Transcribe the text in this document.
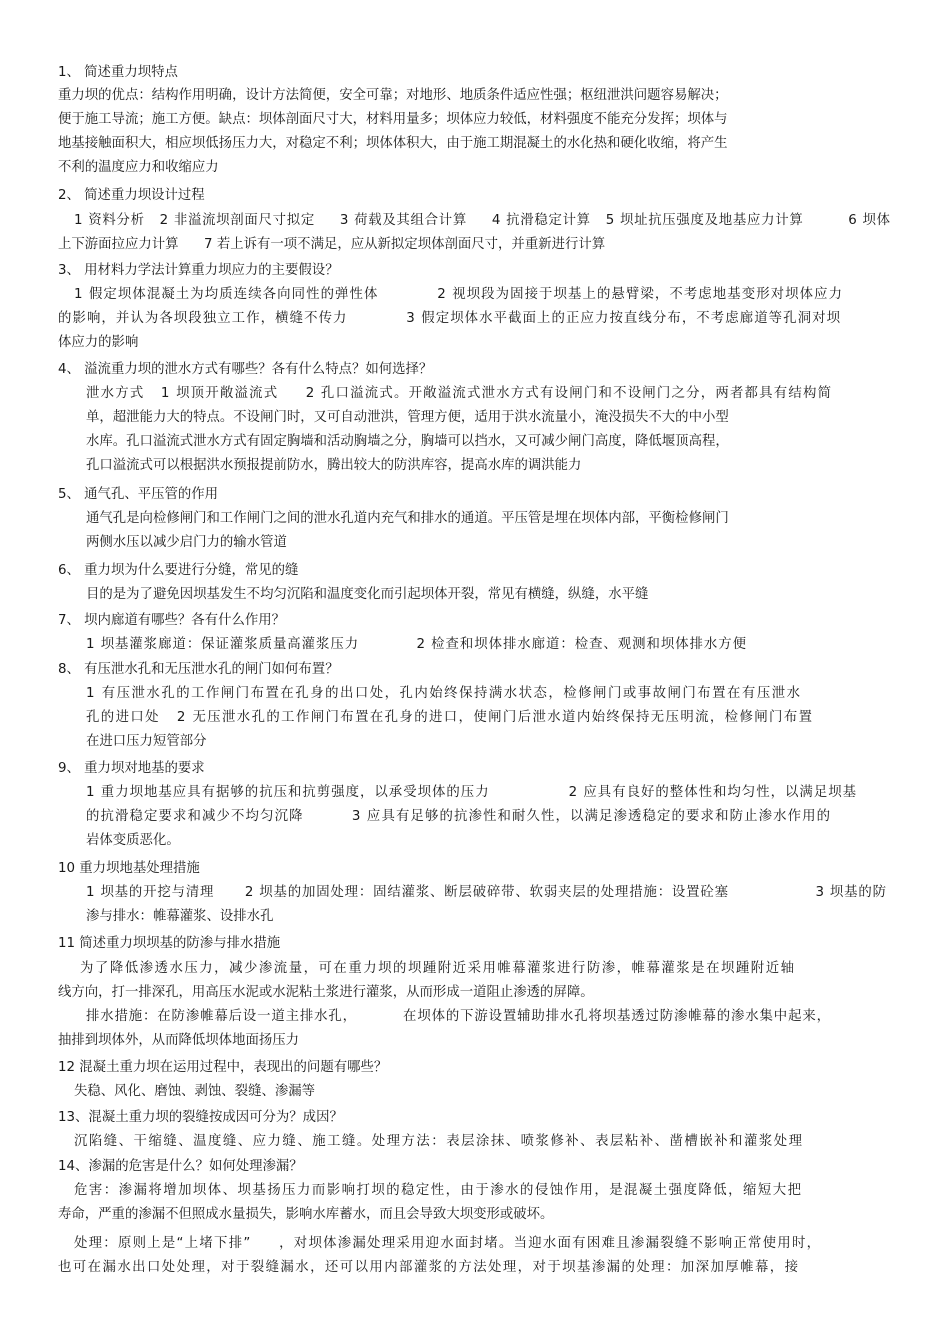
1、 简述重力坝特点
重力坝的优点：结构作用明确，设计方法简便，安全可靠；对地形、地质条件适应性强；枢纽泄洪问题容易解决；
便于施工导流；施工方便。缺点：坝体剖面尺寸大，材料用量多；坝体应力较低，材料强度不能充分发挥；坝体与
地基接触面积大，相应坝低扬压力大，对稳定不利；坝体体积大，由于施工期混凝土的水化热和硬化收缩，将产生
不利的温度应力和收缩应力
2、 简述重力坝设计过程
1 资料分析   2 非溢流坝剖面尺寸拟定     3 荷载及其组合计算     4 抗滑稳定计算   5 坝址抗压强度及地基应力计算         6 坝体
上下游面拉应力计算      7 若上诉有一项不满足，应从新拟定坝体剖面尺寸，并重新进行计算
3、 用材料力学法计算重力坝应力的主要假设？
1 假定坝体混凝土为均质连续各向同性的弹性体           2 视坝段为固接于坝基上的悬臂梁，不考虑地基变形对坝体应力
的影响，并认为各坝段独立工作，横缝不传力           3 假定坝体水平截面上的正应力按直线分布，不考虑廊道等孔洞对坝
体应力的影响
4、 溢流重力坝的泄水方式有哪些？各有什么特点？如何选择？
泄水方式   1 坝顶开敞溢流式     2 孔口溢流式。开敞溢流式泄水方式有设闸门和不设闸门之分，两者都具有结构简
单，超泄能力大的特点。不设闸门时，又可自动泄洪，管理方便，适用于洪水流量小，淹没损失不大的中小型
水库。孔口溢流式泄水方式有固定胸墙和活动胸墙之分，胸墙可以挡水，又可减少闸门高度，降低堰顶高程，
孔口溢流式可以根据洪水预报提前防水，腾出较大的防洪库容，提高水库的调洪能力
5、 通气孔、平压管的作用
通气孔是向检修闸门和工作闸门之间的泄水孔道内充气和排水的通道。平压管是埋在坝体内部，平衡检修闸门
两侧水压以减少启门力的输水管道
6、 重力坝为什么要进行分缝，常见的缝
目的是为了避免因坝基发生不均匀沉陷和温度变化而引起坝体开裂，常见有横缝，纵缝，水平缝
7、 坝内廊道有哪些？各有什么作用？
1 坝基灌浆廊道：保证灌浆质量高灌浆压力           2 检查和坝体排水廊道：检查、观测和坝体排水方便
8、 有压泄水孔和无压泄水孔的闸门如何布置？
1 有压泄水孔的工作闸门布置在孔身的出口处，孔内始终保持满水状态，检修闸门或事故闸门布置在有压泄水
孔的进口处   2 无压泄水孔的工作闸门布置在孔身的进口，使闸门后泄水道内始终保持无压明流，检修闸门布置
在进口压力短管部分
9、 重力坝对地基的要求
1 重力坝地基应具有据够的抗压和抗剪强度，以承受坝体的压力               2 应具有良好的整体性和均匀性，以满足坝基
的抗滑稳定要求和减少不均匀沉降         3 应具有足够的抗渗性和耐久性，以满足渗透稳定的要求和防止渗水作用的
岩体变质恶化。
10 重力坝地基处理措施
1 坝基的开挖与清理      2 坝基的加固处理：固结灌浆、断层破碎带、软弱夹层的处理措施：设置砼塞                 3 坝基的防
渗与排水：帷幕灌浆、设排水孔
11 简述重力坝坝基的防渗与排水措施
为了降低渗透水压力，减少渗流量，可在重力坝的坝踵附近采用帷幕灌浆进行防渗，帷幕灌浆是在坝踵附近轴
线方向，打一排深孔，用高压水泥或水泥粘土浆进行灌浆，从而形成一道阻止渗透的屏障。
排水措施：在防渗帷幕后设一道主排水孔，         在坝体的下游设置辅助排水孔将坝基透过防渗帷幕的渗水集中起来，
抽排到坝体外，从而降低坝体地面扬压力
12 混凝土重力坝在运用过程中，表现出的问题有哪些？
失稳、风化、磨蚀、剥蚀、裂缝、渗漏等
13、混凝土重力坝的裂缝按成因可分为？成因？
沉陷缝、干缩缝、温度缝、应力缝、施工缝。处理方法：表层涂抹、喷浆修补、表层粘补、凿槽嵌补和灌浆处理
14、渗漏的危害是什么？如何处理渗漏？
危害：渗漏将增加坝体、坝基扬压力而影响打坝的稳定性，由于渗水的侵蚀作用，是混凝土强度降低，缩短大把
寿命，严重的渗漏不但照成水量损失，影响水库蓄水，而且会导致大坝变形或破坏。
处理：原则上是“上堵下排”     ，对坝体渗漏处理采用迎水面封堵。当迎水面有困难且渗漏裂缝不影响正常使用时，
也可在漏水出口处处理，对于裂缝漏水，还可以用内部灌浆的方法处理，对于坝基渗漏的处理：加深加厚帷幕，接
